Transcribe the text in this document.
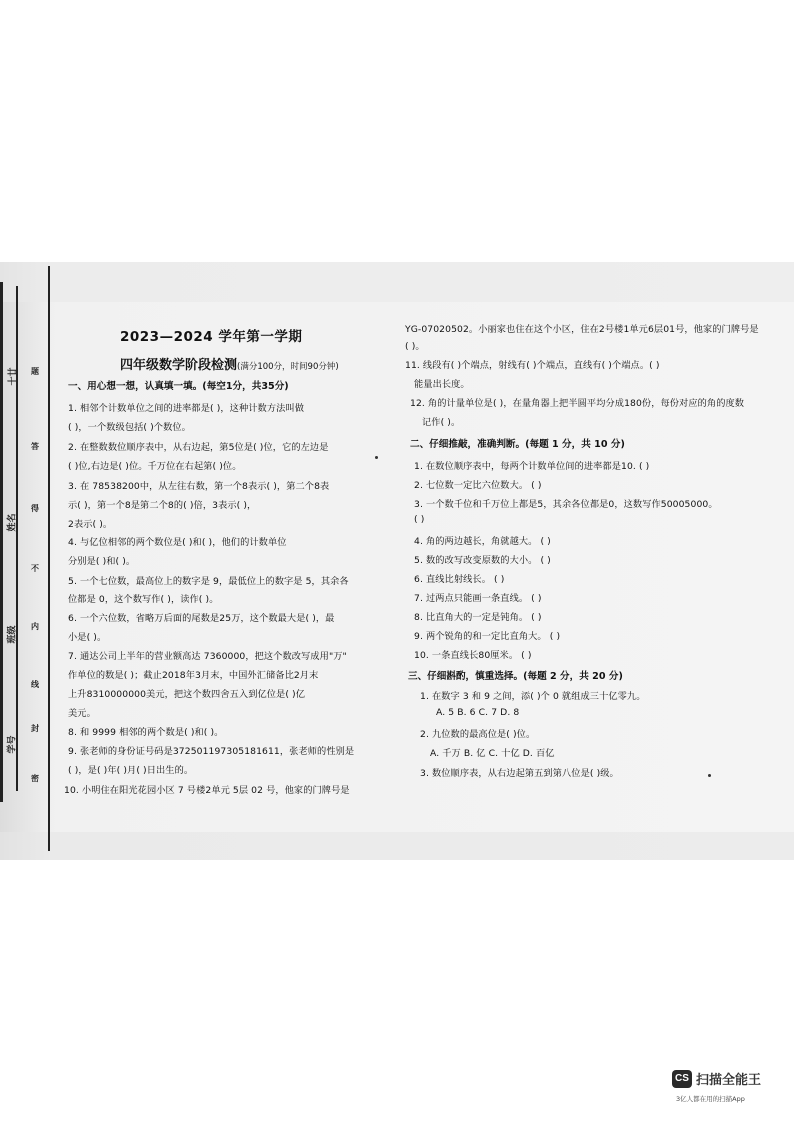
题
答
得
不
内
线
封
密
十廿
姓名
班级
学号
2023—2024 学年第一学期
四年级数学阶段检测(满分100分，时间90分钟)
一、用心想一想，认真填一填。(每空1分，共35分)
1. 相邻个计数单位之间的进率都是( )，这种计数方法叫做
( )，一个数级包括( )个数位。
2. 在整数数位顺序表中，从右边起，第5位是( )位，它的左边是
( )位,右边是( )位。千万位在右起第( )位。
3. 在 78538200中，从左往右数，第一个8表示( )，第二个8表
示( )，第一个8是第二个8的( )倍，3表示( )，
2表示( )。
4. 与亿位相邻的两个数位是( )和( )，他们的计数单位
分别是( )和( )。
5. 一个七位数，最高位上的数字是 9，最低位上的数字是 5，其余各
位都是 0，这个数写作( )，读作( )。
6. 一个六位数，省略万后面的尾数是25万，这个数最大是( )，最
小是( )。
7. 通达公司上半年的营业额高达 7360000，把这个数改写成用"万"
作单位的数是( )；截止2018年3月末，中国外汇储备比2月末
上升8310000000美元，把这个数四舍五入到亿位是( )亿
美元。
8. 和 9999 相邻的两个数是( )和( )。
9. 张老师的身份证号码是372501197305181611，张老师的性别是
( )，是( )年( )月( )日出生的。
10. 小明住在阳光花园小区 7 号楼2单元 5层 02 号，他家的门牌号是
YG-07020502。小丽家也住在这个小区，住在2号楼1单元6层01号，他家的门牌号是
( )。
11. 线段有( )个端点，射线有( )个端点，直线有( )个端点。( )
能量出长度。
12. 角的计量单位是( )，在量角器上把半圆平均分成180份，每份对应的角的度数
记作( )。
二、仔细推敲，准确判断。(每题 1 分，共 10 分)
1. 在数位顺序表中，每两个计数单位间的进率都是10. ( )
2. 七位数一定比六位数大。 ( )
3. 一个数千位和千万位上都是5，其余各位都是0，这数写作50005000。
( )
4. 角的两边越长，角就越大。 ( )
5. 数的改写改变原数的大小。 ( )
6. 直线比射线长。 ( )
7. 过两点只能画一条直线。 ( )
8. 比直角大的一定是钝角。 ( )
9. 两个锐角的和一定比直角大。 ( )
10. 一条直线长80厘米。 ( )
三、仔细斟酌，慎重选择。(每题 2 分，共 20 分)
1. 在数字 3 和 9 之间，添( )个 0 就组成三十亿零九。
A. 5 B. 6 C. 7 D. 8
2. 九位数的最高位是( )位。
A. 千万 B. 亿 C. 十亿 D. 百亿
3. 数位顺序表，从右边起第五到第八位是( )级。
CS 扫描全能王
3亿人都在用的扫描App
